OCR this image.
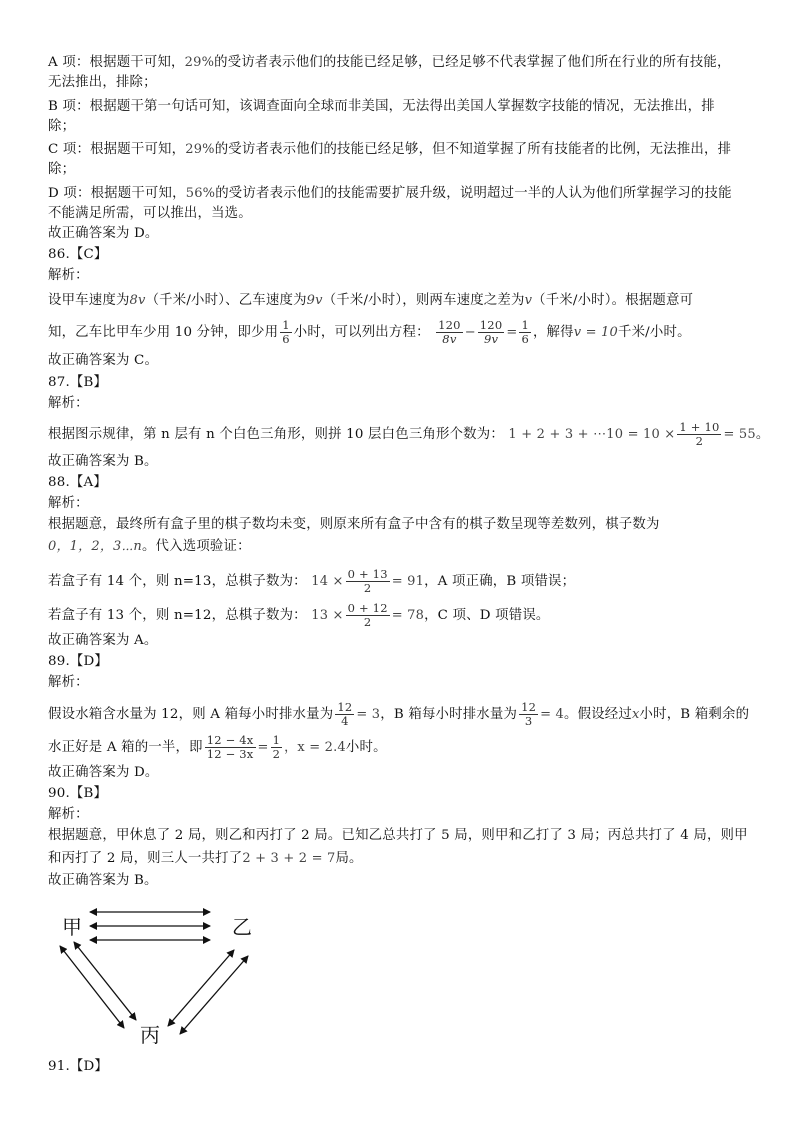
A 项：根据题干可知，29%的受访者表示他们的技能已经足够，已经足够不代表掌握了他们所在行业的所有技能，
无法推出，排除；
B 项：根据题干第一句话可知，该调查面向全球而非美国，无法得出美国人掌握数字技能的情况，无法推出，排
除；
C 项：根据题干可知，29%的受访者表示他们的技能已经足够，但不知道掌握了所有技能者的比例，无法推出，排
除；
D 项：根据题干可知，56%的受访者表示他们的技能需要扩展升级，说明超过一半的人认为他们所掌握学习的技能
不能满足所需，可以推出，当选。
故正确答案为 D。
86.【C】
解析：
设甲车速度为8v（千米/小时）、乙车速度为9v（千米/小时），则两车速度之差为v（千米/小时）。根据题意可
知，乙车比甲车少用 10 分钟，即少用 $\frac{1}{6}$ 小时，可以列出方程： $\frac{120}{8v} - \frac{120}{9v} = \frac{1}{6}$ ，解得v = 10千米/小时。
故正确答案为 C。
87.【B】
解析：
根据图示规律，第 n 层有 n 个白色三角形，则拼 10 层白色三角形个数为： 1 + 2 + 3 + ⋯10 = $10 \times \frac{1 + 10}{2} = 55$。
故正确答案为 B。
88.【A】
解析：
根据题意，最终所有盒子里的棋子数均未变，则原来所有盒子中含有的棋子数呈现等差数列，棋子数为
0，1，2，3⋯n。代入选项验证：
若盒子有 14 个，则 n=13，总棋子数为： $14 \times \frac{0 + 13}{2} = 91$，A 项正确，B 项错误；
若盒子有 13 个，则 n=12，总棋子数为： $13 \times \frac{0 + 12}{2} = 78$，C 项、D 项错误。
故正确答案为 A。
89.【D】
解析：
假设水箱含水量为 12，则 A 箱每小时排水量为 $\frac{12}{4} = 3$，B 箱每小时排水量为 $\frac{12}{3} = 4$。假设经过x小时，B 箱剩余的
水正好是 A 箱的一半，即 $\frac{12 - 4x}{12 - 3x} = \frac{1}{2}$ ，x = 2.4小时。
故正确答案为 D。
90.【B】
解析：
根据题意，甲休息了 2 局，则乙和丙打了 2 局。已知乙总共打了 5 局，则甲和乙打了 3 局；丙总共打了 4 局，则甲
和丙打了 2 局，则三人一共打了2 + 3 + 2 = 7局。
故正确答案为 B。
甲	乙
丙
91.【D】
